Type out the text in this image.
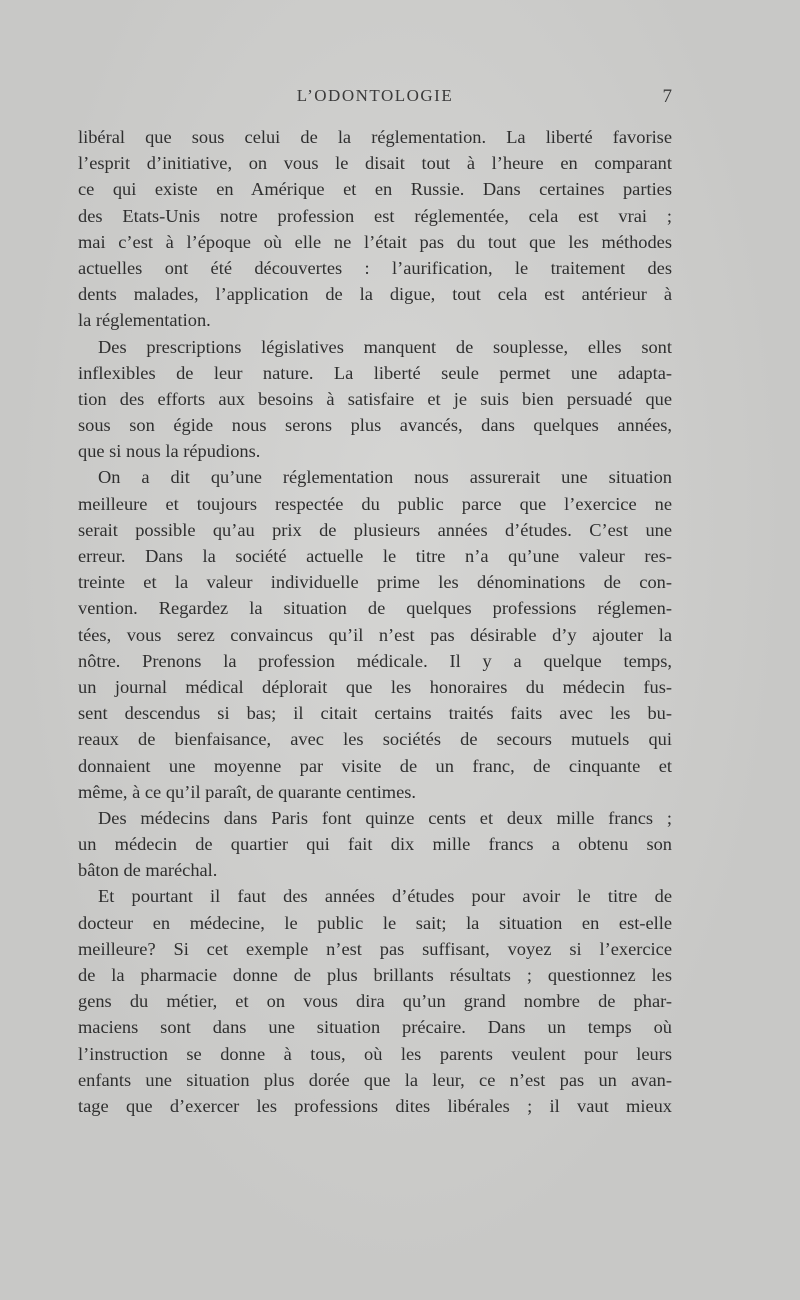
L’ODONTOLOGIE	7
libéral que sous celui de la réglementation. La liberté favorise
l’esprit d’initiative, on vous le disait tout à l’heure en comparant
ce qui existe en Amérique et en Russie. Dans certaines parties
des Etats-Unis notre profession est réglementée, cela est vrai ;
mai c’est à l’époque où elle ne l’était pas du tout que les méthodes
actuelles ont été découvertes : l’aurification, le traitement des
dents malades, l’application de la digue, tout cela est antérieur à
la réglementation.
Des prescriptions législatives manquent de souplesse, elles sont
inflexibles de leur nature. La liberté seule permet une adapta-
tion des efforts aux besoins à satisfaire et je suis bien persuadé que
sous son égide nous serons plus avancés, dans quelques années,
que si nous la répudions.
On a dit qu’une réglementation nous assurerait une situation
meilleure et toujours respectée du public parce que l’exercice ne
serait possible qu’au prix de plusieurs années d’études. C’est une
erreur. Dans la société actuelle le titre n’a qu’une valeur res-
treinte et la valeur individuelle prime les dénominations de con-
vention. Regardez la situation de quelques professions réglemen-
tées, vous serez convaincus qu’il n’est pas désirable d’y ajouter la
nôtre. Prenons la profession médicale. Il y a quelque temps,
un journal médical déplorait que les honoraires du médecin fus-
sent descendus si bas; il citait certains traités faits avec les bu-
reaux de bienfaisance, avec les sociétés de secours mutuels qui
donnaient une moyenne par visite de un franc, de cinquante et
même, à ce qu’il paraît, de quarante centimes.
Des médecins dans Paris font quinze cents et deux mille francs ;
un médecin de quartier qui fait dix mille francs a obtenu son
bâton de maréchal.
Et pourtant il faut des années d’études pour avoir le titre de
docteur en médecine, le public le sait; la situation en est-elle
meilleure? Si cet exemple n’est pas suffisant, voyez si l’exercice
de la pharmacie donne de plus brillants résultats ; questionnez les
gens du métier, et on vous dira qu’un grand nombre de phar-
maciens sont dans une situation précaire. Dans un temps où
l’instruction se donne à tous, où les parents veulent pour leurs
enfants une situation plus dorée que la leur, ce n’est pas un avan-
tage que d’exercer les professions dites libérales ; il vaut mieux
